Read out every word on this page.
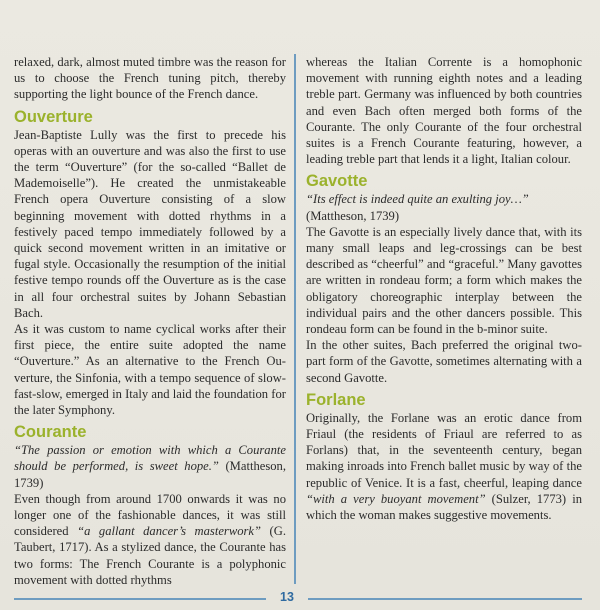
relaxed, dark, almost muted timbre was the reason for us to choose the French tuning pitch, thereby supporting the light bounce of the French dance.

Ouverture

Jean-Baptiste Lully was the first to precede his operas with an ouverture and was also the first to use the term “Ouverture” (for the so-called “Ballet de Mademoiselle”). He created the unmistakeable French opera Ouverture consisting of a slow beginning movement with dotted rhythms in a festively paced tempo immediately followed by a quick second movement written in an imitative or fugal style. Occasionally the resumption of the initial festive tempo rounds off the Ouverture as is the case in all four orchestral suites by Johann Sebastian Bach.

As it was custom to name cyclical works after their first piece, the entire suite adopted the name “Ouverture.” As an alternative to the French Ouverture, the Sinfonia, with a tempo sequence of slow-fast-slow, emerged in Italy and laid the foundation for the later Symphony.

Courante

“The passion or emotion with which a Courante should be performed, is sweet hope.” (Mattheson, 1739)

Even though from around 1700 onwards it was no longer one of the fashionable dances, it was still considered “a gallant dancer’s masterwork” (G. Taubert, 1717). As a stylized dance, the Courante has two forms: The French Courante is a polyphonic movement with dotted rhythms

whereas the Italian Corrente is a homophonic movement with running eighth notes and a leading treble part. Germany was influenced by both countries and even Bach often merged both forms of the Courante. The only Courante of the four orchestral suites is a French Courante featuring, however, a leading treble part that lends it a light, Italian colour.

Gavotte

“Its effect is indeed quite an exulting joy…”

(Mattheson, 1739)

The Gavotte is an especially lively dance that, with its many small leaps and leg-crossings can be best described as “cheerful” and “graceful.” Many gavottes are written in rondeau form; a form which makes the obligatory choreographic interplay between the individual pairs and the other dancers possible. This rondeau form can be found in the b-minor suite.

In the other suites, Bach preferred the original two-part form of the Gavotte, sometimes alternating with a second Gavotte.

Forlane

Originally, the Forlane was an erotic dance from Friaul (the residents of Friaul are referred to as Forlans) that, in the seventeenth century, began making inroads into French ballet music by way of the republic of Venice. It is a fast, cheerful, leaping dance “with a very buoyant movement” (Sulzer, 1773) in which the woman makes suggestive movements.

13
